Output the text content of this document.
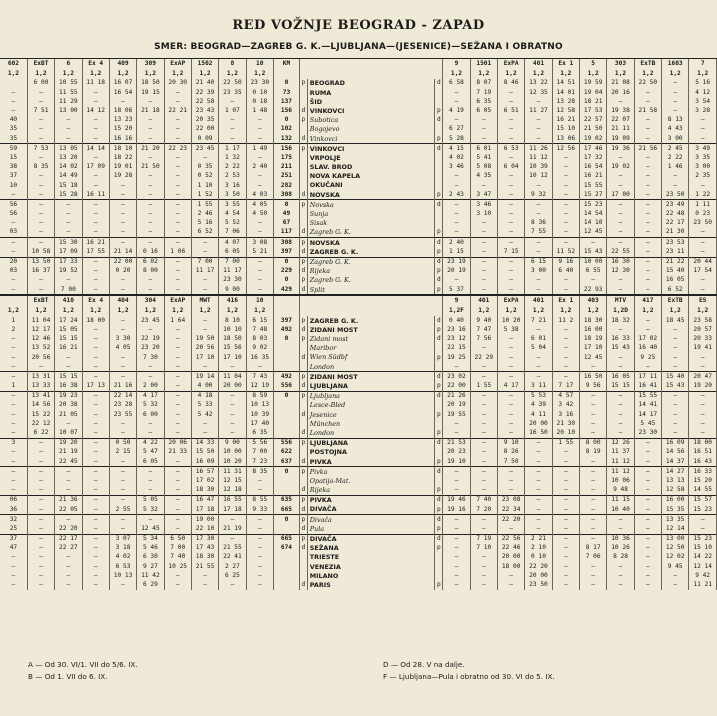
RED VOŽNJE BEOGRAD - ZAPAD
SMER: BEOGRAD—ZAGREB G. K.—LJUBLJANA—(JESENICE)—SEŽANA I OBRATNO
602	ExBT	6	Ex 4	409	309	ExAP	1502	8	10	KM				9	1501	ExPA	401	Ex 1	5	303	ExTB	1603	7
1,2	1,2	1,2	1,2	1,2	1,2	1,2	1,2	1,2	1,2					1,2	1,2	1,2	1,2	1,2	1,2	1,2	1,2	1,2	1,2
	6 00	10 55	11 18	16 07	18 50	20 30	21 40	22 50	23 30	0	p	BEOGRAD	d	6 58	8 07	8 46	13 22	14 51	19 59	21 08	22 50	—	5 16
—	—	11 55	—	16 54	19 15	—	22 39	23 35	0 10	73		RUMA		—	7 19	—	12 35	14 01	19 04	20 16	—	—	4 12
—	—	11 29	—	—	—	—	22 58	—	0 18	137		ŠID		—	6 35	—	—	13 28	18 21	—	—	—	3 54
—	7 51	13 00	14 12	18 06	21 18	22 21	23 43	1 07	1 48	156	d	VINKOVCI	p	4 19	6 05	6 51	11 27	12 58	17 53	19 38	21 58	—	3 28
40	—	—	—	13 23	—	—	20 35	—	—	0	p	Subotica	d	—	—	—	—	16 21	22 57	22 07	—	8 13	—
35	—	—	—	15 20	—	—	22 00	—	—	102		Bogojevo		6 27	—	—	—	15 10	21 50	21 11	—	4 43	—
35	—	—	—	16 16	—	—	0 09	—	—	132	d	Vinkovci	p	5 28	—	—	—	13 06	19 02	19 09	—	3 00	—
59	7 53	13 05	14 14	18 10	21 20	22 23	23 45	1 17	1 49	156	p	VINKOVCI	d	4 15	6 01	6 53	11 26	12 56	17 46	19 36	21 56	2 45	3 49
15	—	13 20	—	18 22	—	—	—	1 32	—	175		VRPOLJE		4 02	5 41	—	11 12	—	17 32	—	—	2 22	3 35
38	8 35	14 02	17 09	19 01	21 50	—	0 35	2 22	2 40	211		SLAV. BROD		3 46	5 08	6 04	10 39	—	16 54	19 02	—	1 46	3 00
37	—	14 49	—	19 28	—	—	0 52	2 53	—	251		NOVA KAPELA		—	4 35	—	10 12	—	16 21	—	—	—	2 35
10	—	15 18	—	—	—	—	1 10	3 16	—	282		OKUČANI		—	—	—	—	—	15 55	—	—	—	—
—	—	15 28	16 11	—	—	—	1 52	3 50	4 03	308	d	NOVSKA	p	2 43	3 47	—	9 32	—	15 27	17 00	—	23 50	1 22
56	—	—	—	—	—	—	1 55	3 55	4 05	0	p	Novska	d	—	3 46	—	—	—	15 23	—	—	23 49	1 11
56	—	—	—	—	—	—	2 46	4 54	4 50	49		Sunja		—	3 10	—	—	—	14 54	—	—	22 48	0 23
—	—	—	—	—	—	—	5 16	5 52	—	67		Sisak		—	—	—	8 36	—	14 10	—	—	22 17	23 50
03	—	—	—	—	—	—	6 52	7 06	—	117	d	Zagreb G. K.	p	—	—	—	7 55	—	12 45	—	—	21 30	—
—	—	15 30	16 21	—	—	—	—	4 07	3 08	308	p	NOVSKA	d	2 40	—	—	—	—	—	—	—	23 53	—
—	10 58	17 09	17 55	21 14	0 16	1 06	—	6 05	5 21	397	d	ZAGREB G. K.	p	1 15	—	7 15	—	11 52	15 43	22 55	—	23 11	—
20	13 50	17 33	—	22 00	6 02	—	7 00	7 00	—	0	p	Zagreb G. K.	d	23 19	—	—	6 15	9 16	10 00	16 30	—	21 22	20 44
03	16 37	19 52	—	0 20	8 00	—	11 17	11 17	—	229	d	Rijeka	p	20 19	—	—	3 00	6 40	6 55	12 30	—	15 40	17 54
—	—	—	—	—	—	—	—	23 30	—	0	p	Zagreb G. K.	d	—	—	—	—	—	—	—	—	16 05	—
—	—	7 00	—	—	—	—	—	9 00	—	429	d	Split	p	5 37	—	—	—	—	22 93	—	—	6 52	—
	ExBT	410	Ex 4	404	304	ExAP	MWT	416	10					9	401	ExPA	401	Ex 1	403	MTV	417	ExTB	ES
1,2	1,2	1,2	1,2	1,2	1,2	1,2	1,2	1,2	1,2					1,2F	1,2	1,2	1,2	1,2	1,2	1,2D	1,2	1,2	1,2
1	11 04	17 24	18 00	—	23 45	1 64	—	8 10	6 15	397	p	ZAGREB G. K.	d	0 40	9 40	10 20	7 21	11 2	18 30	18 32	—	18 45	23 58
2	12 17	15 05	—	—	—	—	—	10 10	7 48	492	d	ZIDANI MOST	p	23 16	7 47	5 38	—	—	16 00	—	—	—	20 57
—	12 46	15 15	—	3 30	22 19	—	19 50	18 50	8 03	0	p	Zidani most	d	23 12	7 56	—	6 01	—	18 19	16 33	17 02	—	20 33
—	13 52	16 21	—	4 05	23 20	—	20 56	15 56	9 02			Maribor		22 15	—	—	5 04	—	17 10	15 43	16 40	—	19 41
—	20 56	—	—	—	7 30	—	17 10	17 10	16 35		d	Wien Südbf	p	19 25	22 29	—	—	—	12 45	—	9 25	—	—
—	—	—	—	—	—	—	—	—	—			London		—	—	—	—	—	—	—	—	—	—
—	13 31	15 15	—	—	—	—	19 14	11 04	7 43	492	p	ZIDANI MOST	d	23 02	—	—	—	—	16 50	16 05	17 11	15 40	20 47
1	13 33	16 38	17 13	21 16	2 00	—	4 00	20 00	12 19	556	d	LJUBLJANA	p	22 00	1 55	4 17	3 11	7 17	9 56	15 15	16 41	15 43	19 20
—	13 41	19 23	—	22 14	4 17	—	4 18	—	8 59	0	p	Ljubljana	d	21 26	—	—	5 53	4 57	—	—	15 55	—	—
—	14 56	20 38	—	23 28	5 32	—	5 33	—	10 13			Lesce-Bled		20 19	—	—	4 39	3 42	—	—	14 41	—	—
—	15 22	21 05	—	23 55	6 00	—	5 42	—	10 39		d	Jesenice	p	19 55	—	—	4 11	3 16	—	—	14 17	—	—
—	22 12	—	—	—	—	—	—	—	17 40			München		—	—	—	20 00	21 30	—	—	5 45	—	—
—	6 22	10 07	—	—	—	—	—	—	6 35		d	London	p	—	—	—	16 50	20 10	—	—	23 30	—	—
3	—	19 20	—	0 50	4 22	20 06	14 33	9 00	5 56	556	p	LJUBLJANA	d	21 53	—	9 10	—	1 55	8 00	12 26	—	16 09	18 00
—	—	21 19	—	2 15	5 47	21 33	15 50	10 00	7 00	622		POSTOJNA		20 23	—	8 26	—	—	8 19	11 37	—	14 56	16 51
—	—	22 45	—	—	6 05	—	16 09	10 20	7 23	637	d	PIVKA	p	19 10	—	7 50	—	—	—	11 12	—	14 37	16 43
—	—	—	—	—	—	—	16 57	11 31	8 35	0	p	Pivka	d	—	—	—	—	—	—	11 12	—	14 27	16 33
—	—	—	—	—	—	—	17 02	12 15	—			Opatija-Mat.		—	—	—	—	—	—	10 06	—	13 13	15 20
—	—	—	—	—	—	—	18 30	12 18	—		d	Rijeka	p	—	—	—	—	—	—	9 48	—	12 58	14 55
06	—	21 36	—	—	5 05	—	16 47	16 55	8 55	635	p	PIVKA	d	19 46	7 40	23 08	—	—	—	11 15	—	16 00	15 57
36	—	22 05	—	2 55	5 32	—	17 18	17 18	9 33	665	d	DIVAČA	p	19 16	7 20	22 34	—	—	—	10 40	—	15 35	15 23
32	—	—	—	—	—	—	19 00	—	—	0	p	Divača	d	—	—	22 20	—	—	—	—	—	13 35	—
25	—	22 20	—	—	12 45	—	22 10	21 19	—		d	Pula	p	—	—	—	—	—	—	—	—	12 14	—
37	—	22 17	—	3 07	5 34	6 50	17 30	—	—	665	p	DIVAČA	d	—	7 19	22 56	2 21	—	—	10 36	—	13 00	15 23
47	—	22 27	—	3 18	5 46	7 00	17 43	21 55	—	674	d	SEŽANA	p	—	7 10	22 46	2 10	—	8 17	10 26	—	12 50	15 10
—	—	—	—	4 02	6 30	7 40	18 30	22 41	—			TRIESTE		—	—	20 00	0 10	—	7 06	8 28	—	12 02	14 22
—	—	—	—	6 53	9 27	10 25	21 55	2 27	—			VENEZIA		—	—	18 00	22 20	—	—	—	—	9 45	12 14
—	—	—	—	10 13	11 42	—	—	6 25	—			MILANO		—	—	—	20 00	—	—	—	—	—	9 42
—	—	—	—	—	6 29	—	—	—	—		d	PARIS	p	—	—	—	23 50	—	—	—	—	—	11 21
A — Od 30. VI/1. VII do 5/6. IX.
B — Od 1. VII do 6. IX.
D — Od 28. V na dalje.
F — Ljubljana—Pula i obratno od 30. VI do 5. IX.
